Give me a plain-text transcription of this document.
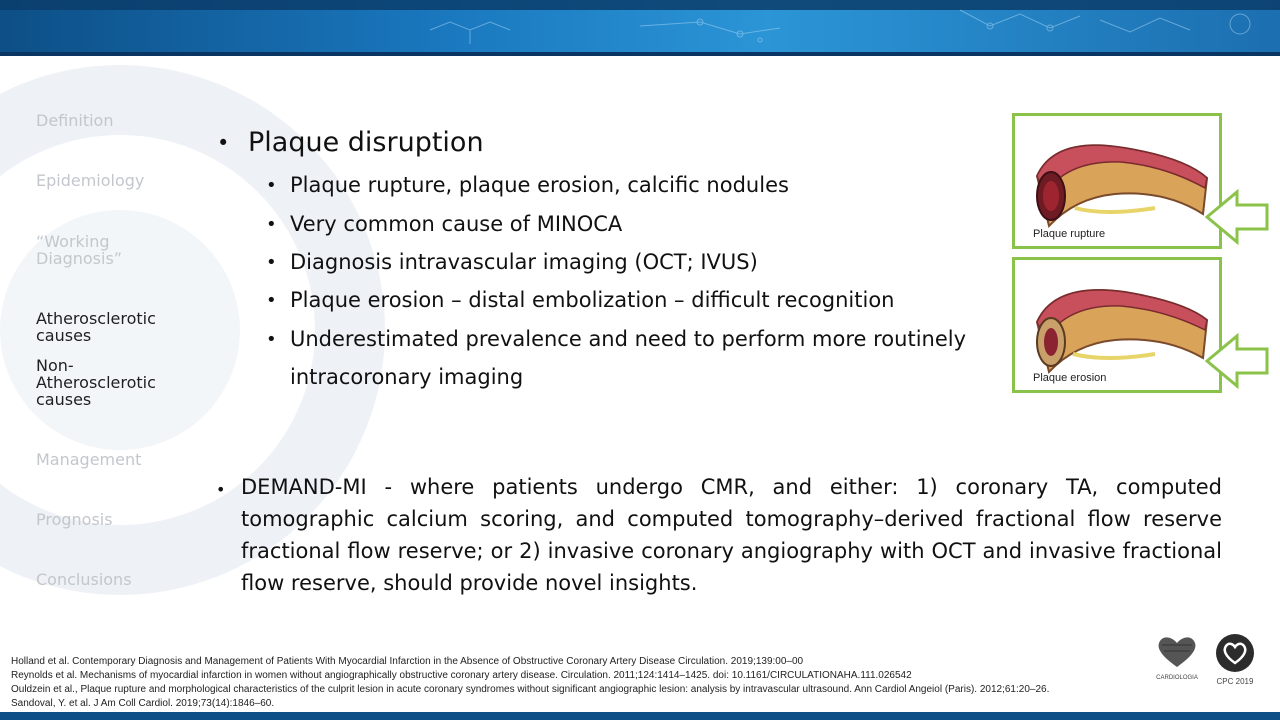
Definition
Epidemiology
“Working Diagnosis”
Atherosclerotic causes
Non-Atherosclerotic causes
Management
Prognosis
Conclusions
• Plaque disruption
• Plaque rupture, plaque erosion, calcific nodules
• Very common cause of MINOCA
• Diagnosis intravascular imaging (OCT; IVUS)
• Plaque erosion – distal embolization – difficult recognition
• Underestimated prevalence and need to perform more routinely
intracoronary imaging
• DEMAND-MI - where patients undergo CMR, and either: 1) coronary TA, computed tomographic calcium scoring, and computed tomography–derived fractional flow reserve fractional flow reserve; or 2) invasive coronary angiography with OCT and invasive fractional flow reserve, should provide novel insights.
Plaque rupture
Plaque erosion
Holland et al. Contemporary Diagnosis and Management of Patients With Myocardial Infarction in the Absence of Obstructive Coronary Artery Disease Circulation. 2019;139:00–00
Reynolds et al. Mechanisms of myocardial infarction in women without angiographically obstructive coronary artery disease. Circulation. 2011;124:1414–1425. doi: 10.1161/CIRCULATIONAHA.111.026542
Ouldzein et al., Plaque rupture and morphological characteristics of the culprit lesion in acute coronary syndromes without significant angiographic lesion: analysis by intravascular ultrasound. Ann Cardiol Angeiol (Paris). 2012;61:20–26.
Sandoval, Y. et al. J Am Coll Cardiol. 2019;73(14):1846–60.
CARDIOLOGIA	CPC 2019
